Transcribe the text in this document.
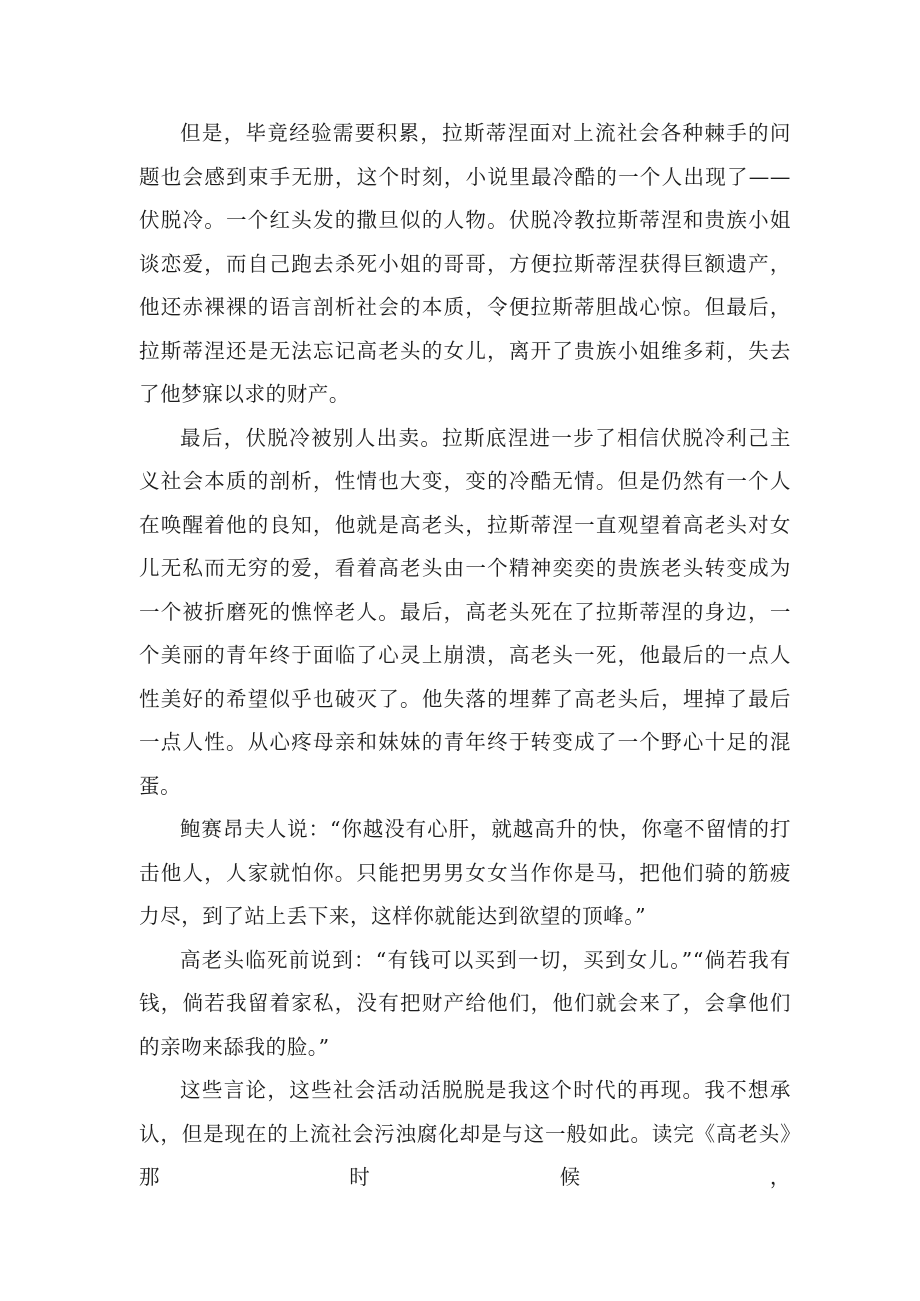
但是，毕竟经验需要积累，拉斯蒂涅面对上流社会各种棘手的问题也会感到束手无册，这个时刻，小说里最冷酷的一个人出现了——伏脱冷。一个红头发的撒旦似的人物。伏脱冷教拉斯蒂涅和贵族小姐谈恋爱，而自己跑去杀死小姐的哥哥，方便拉斯蒂涅获得巨额遗产，他还赤裸裸的语言剖析社会的本质，令便拉斯蒂胆战心惊。但最后，拉斯蒂涅还是无法忘记高老头的女儿，离开了贵族小姐维多莉，失去了他梦寐以求的财产。

最后，伏脱冷被别人出卖。拉斯底涅进一步了相信伏脱冷利己主义社会本质的剖析，性情也大变，变的冷酷无情。但是仍然有一个人在唤醒着他的良知，他就是高老头，拉斯蒂涅一直观望着高老头对女儿无私而无穷的爱，看着高老头由一个精神奕奕的贵族老头转变成为一个被折磨死的憔悴老人。最后，高老头死在了拉斯蒂涅的身边，一个美丽的青年终于面临了心灵上崩溃，高老头一死，他最后的一点人性美好的希望似乎也破灭了。他失落的埋葬了高老头后，埋掉了最后一点人性。从心疼母亲和妹妹的青年终于转变成了一个野心十足的混蛋。

鲍赛昂夫人说：“你越没有心肝，就越高升的快，你毫不留情的打击他人，人家就怕你。只能把男男女女当作你是马，把他们骑的筋疲力尽，到了站上丢下来，这样你就能达到欲望的顶峰。”

高老头临死前说到：“有钱可以买到一切，买到女儿。”“倘若我有钱，倘若我留着家私，没有把财产给他们，他们就会来了，会拿他们的亲吻来舔我的脸。”

这些言论，这些社会活动活脱脱是我这个时代的再现。我不想承认，但是现在的上流社会污浊腐化却是与这一般如此。读完《高老头》那时候，
